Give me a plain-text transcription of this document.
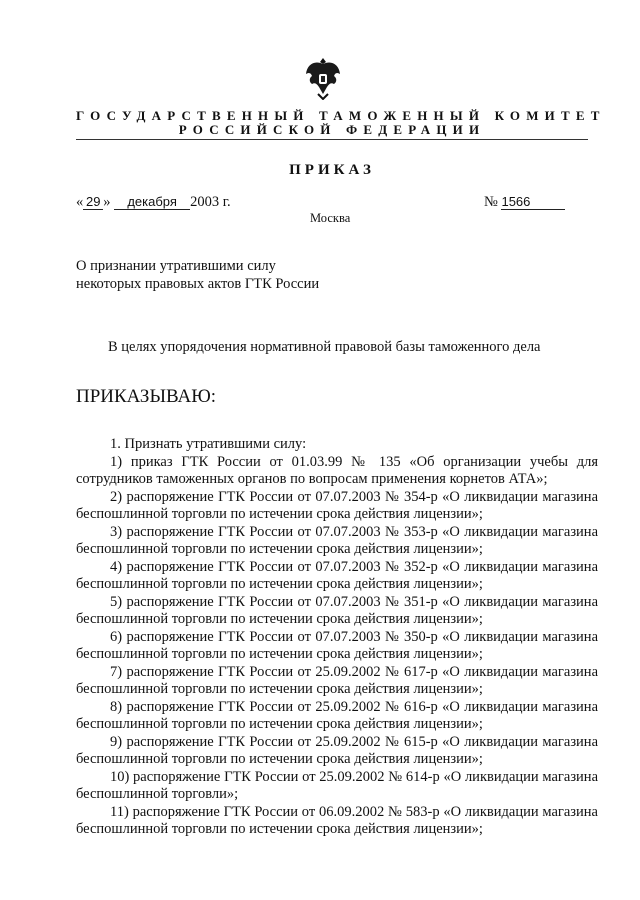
ГОСУДАРСТВЕННЫЙ ТАМОЖЕННЫЙ КОМИТЕТ
РОССИЙСКОЙ ФЕДЕРАЦИИ
ПРИКАЗ
« 29 » декабря 2003 г.	№ 1566
Москва
О признании утратившими силу
некоторых правовых актов ГТК России
В целях упорядочения нормативной правовой базы таможенного дела
ПРИКАЗЫВАЮ:

1. Признать утратившими силу:

1) приказ ГТК России от 01.03.99 № 135 «Об организации учебы для сотрудников таможенных органов по вопросам применения корнетов АТА»;

2) распоряжение ГТК России от 07.07.2003 № 354-р «О ликвидации магазина беспошлинной торговли по истечении срока действия лицензии»;

3) распоряжение ГТК России от 07.07.2003 № 353-р «О ликвидации магазина беспошлинной торговли по истечении срока действия лицензии»;

4) распоряжение ГТК России от 07.07.2003 № 352-р «О ликвидации магазина беспошлинной торговли по истечении срока действия лицензии»;

5) распоряжение ГТК России от 07.07.2003 № 351-р «О ликвидации магазина беспошлинной торговли по истечении срока действия лицензии»;

6) распоряжение ГТК России от 07.07.2003 № 350-р «О ликвидации магазина беспошлинной торговли по истечении срока действия лицензии»;

7) распоряжение ГТК России от 25.09.2002 № 617-р «О ликвидации магазина беспошлинной торговли по истечении срока действия лицензии»;

8) распоряжение ГТК России от 25.09.2002 № 616-р «О ликвидации магазина беспошлинной торговли по истечении срока действия лицензии»;

9) распоряжение ГТК России от 25.09.2002 № 615-р «О ликвидации магазина беспошлинной торговли по истечении срока действия лицензии»;

10) распоряжение ГТК России от 25.09.2002 № 614-р «О ликвидации магазина беспошлинной торговли»;

11) распоряжение ГТК России от 06.09.2002 № 583-р «О ликвидации магазина беспошлинной торговли по истечении срока действия лицензии»;
